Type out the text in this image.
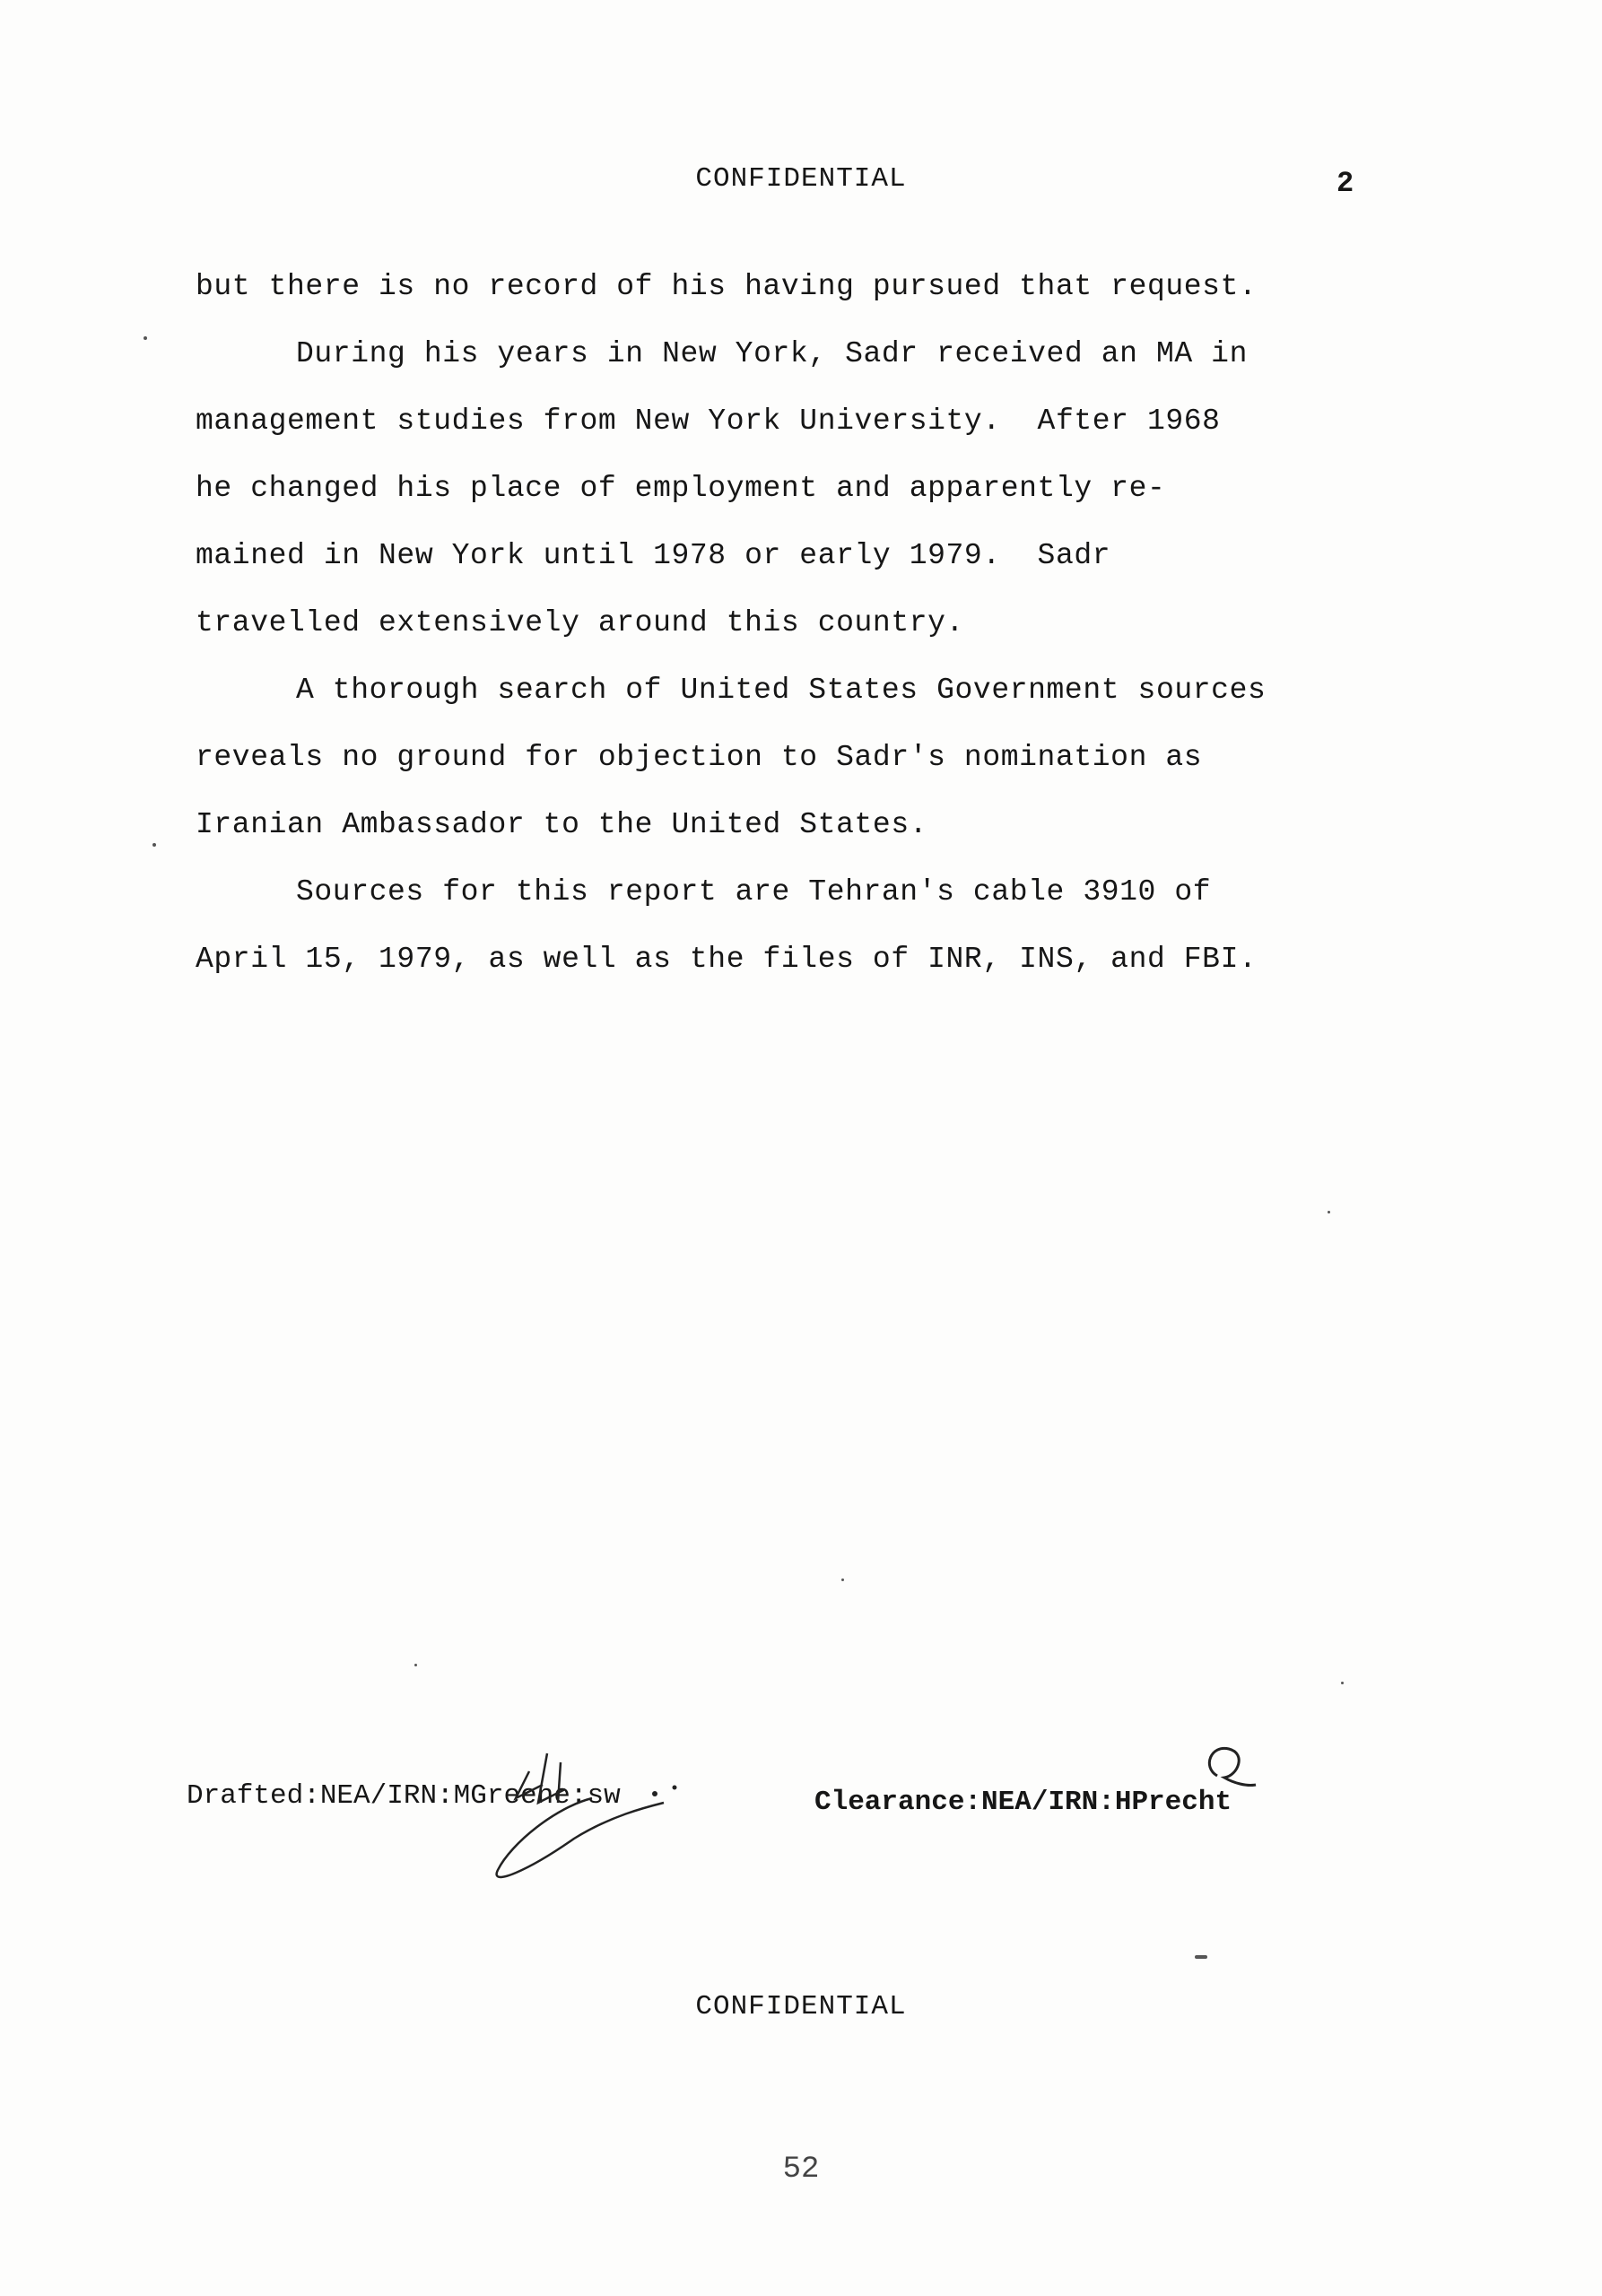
CONFIDENTIAL	2
but there is no record of his having pursued that request.
During his years in New York, Sadr received an MA in
management studies from New York University.  After 1968
he changed his place of employment and apparently re-
mained in New York until 1978 or early 1979.  Sadr
travelled extensively around this country.
A thorough search of United States Government sources
reveals no ground for objection to Sadr's nomination as
Iranian Ambassador to the United States.
Sources for this report are Tehran's cable 3910 of
April 15, 1979, as well as the files of INR, INS, and FBI.
Drafted:NEA/IRN:MGreene:sw	Clearance:NEA/IRN:HPrecht
CONFIDENTIAL
52
